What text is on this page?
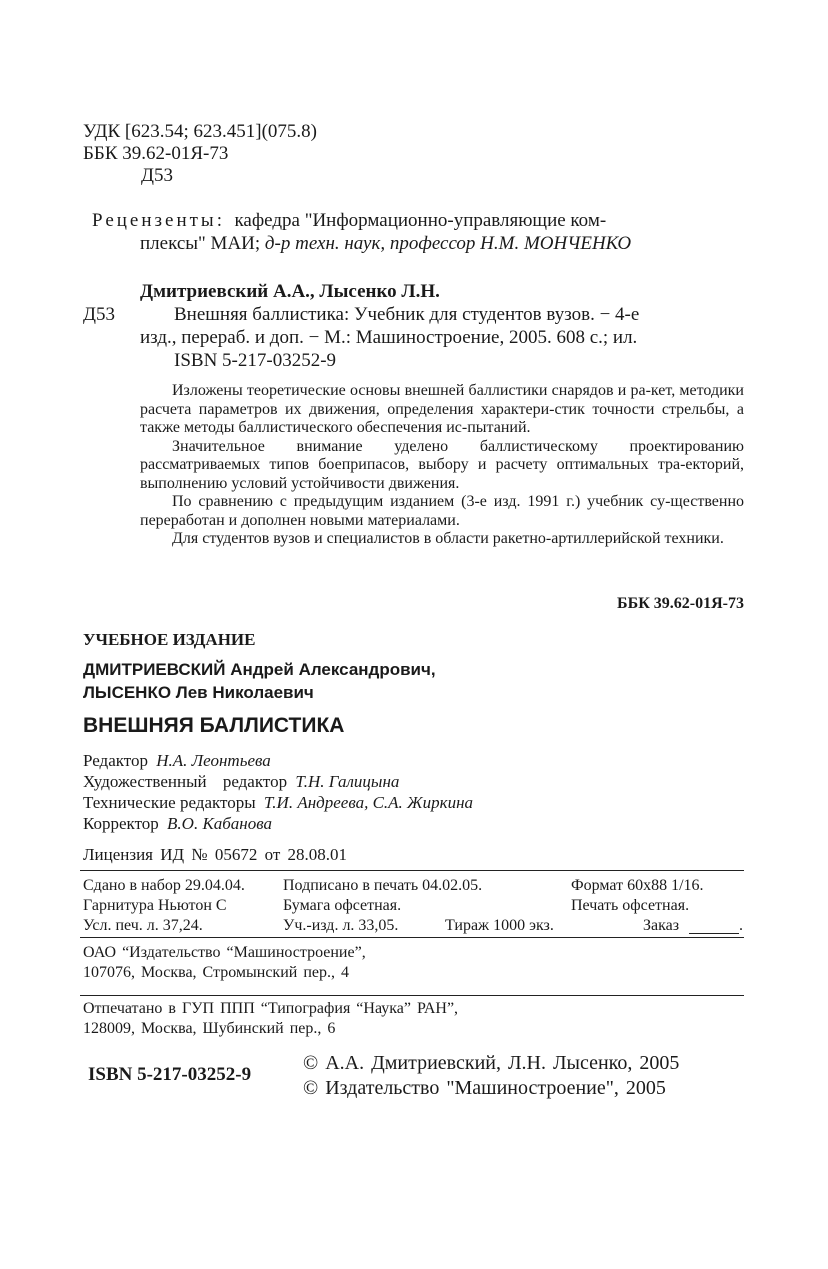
УДК [623.54; 623.451](075.8)
ББК 39.62-01Я-73
Д53
Рецензенты: кафедра "Информационно-управляющие ком-
плексы" МАИ; д-р техн. наук, профессор Н.М. МОНЧЕНКО
Дмитриевский А.А., Лысенко Л.Н.
Д53	Внешняя баллистика: Учебник для студентов вузов. − 4-е
изд., перераб. и доп. − М.: Машиностроение, 2005. 608 с.; ил.
ISBN 5-217-03252-9

Изложены теоретические основы внешней баллистики снарядов и ра-кет, методики расчета параметров их движения, определения характери-стик точности стрельбы, а также методы баллистического обеспечения ис-пытаний.

Значительное внимание уделено баллистическому проектированию рассматриваемых типов боеприпасов, выбору и расчету оптимальных тра-екторий, выполнению условий устойчивости движения.

По сравнению с предыдущим изданием (3-е изд. 1991 г.) учебник су-щественно переработан и дополнен новыми материалами.

Для студентов вузов и специалистов в области ракетно-артиллерийской техники.

ББК 39.62-01Я-73
УЧЕБНОЕ ИЗДАНИЕ
ДМИТРИЕВСКИЙ Андрей Александрович,
ЛЫСЕНКО Лев Николаевич
ВНЕШНЯЯ БАЛЛИСТИКА
Редактор Н.А. Леонтьева
Художественный редактор Т.Н. Галицына
Технические редакторы Т.И. Андреева, С.А. Жиркина
Корректор В.О. Кабанова
Лицензия ИД № 05672 от 28.08.01
Сдано в набор 29.04.04. Подписано в печать 04.02.05.	Формат 60х88 1/16.
Гарнитура Ньютон С	Бумага офсетная.	Печать офсетная.
Усл. печ. л. 37,24.	Уч.-изд. л. 33,05.	Тираж 1000 экз.	Заказ	.
ОАО “Издательство “Машиностроение”,
107076, Москва, Стромынский пер., 4
Отпечатано в ГУП ППП “Типография “Наука” РАН”,
128009, Москва, Шубинский пер., 6
ISBN 5-217-03252-9
© А.А. Дмитриевский, Л.Н. Лысенко, 2005
© Издательство "Машиностроение", 2005
